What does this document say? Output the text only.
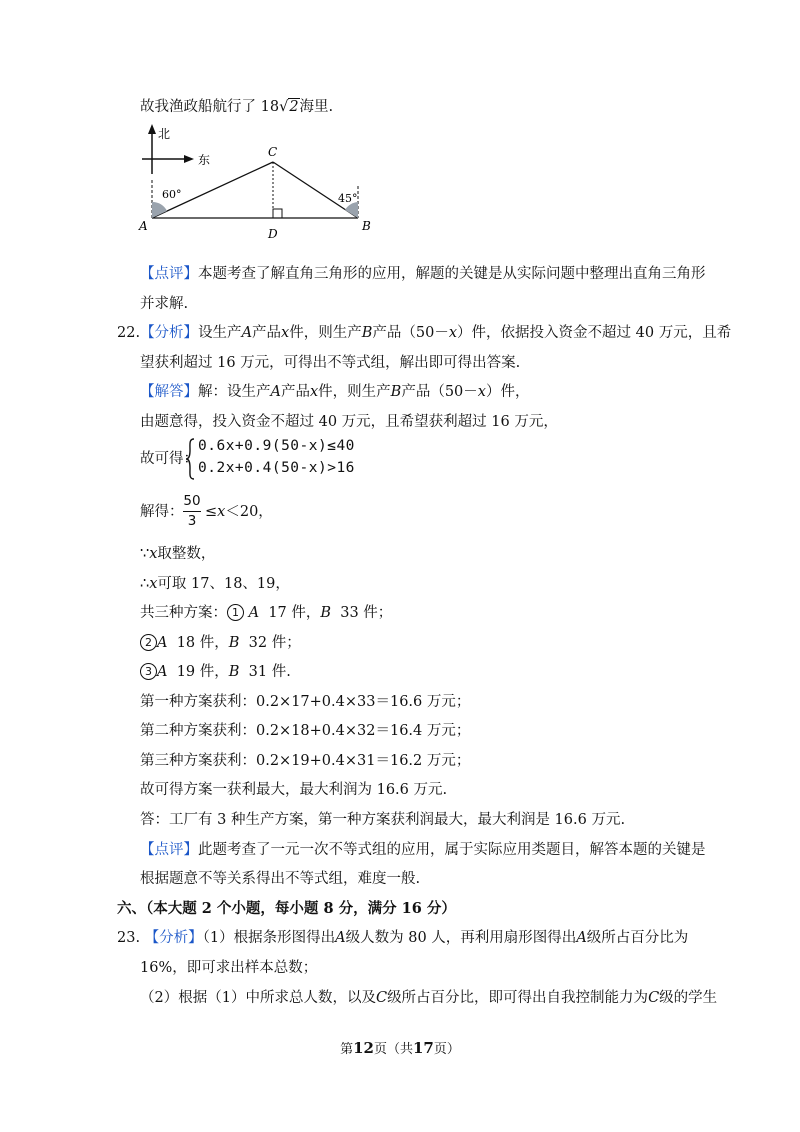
故我渔政船航行了 18√2海里.
北
东
60°	45°
A	B
C
D
【点评】本题考查了解直角三角形的应用，解题的关键是从实际问题中整理出直角三角形
并求解.
22.【分析】设生产A产品x件，则生产B产品（50－x）件，依据投入资金不超过 40 万元，且希
望获利超过 16 万元，可得出不等式组，解出即可得出答案.
【解答】解：设生产A产品x件，则生产B产品（50－x）件，
由题意得，投入资金不超过 40 万元，且希望获利超过 16 万元，
故可得：
0.6x+0.9(50-x)≤40
0.2x+0.4(50-x)>16
解得：
50
3
≤x＜20，
∵x取整数，
∴x可取 17、18、19，
共三种方案： 1 A 17 件，B 33 件；
2 A 18 件，B 32 件；
3 A 19 件，B 31 件.
第一种方案获利：0.2×17+0.4×33＝16.6 万元；
第二种方案获利：0.2×18+0.4×32＝16.4 万元；
第三种方案获利：0.2×19+0.4×31＝16.2 万元；
故可得方案一获利最大，最大利润为 16.6 万元.
答：工厂有 3 种生产方案，第一种方案获利润最大，最大利润是 16.6 万元.
【点评】此题考查了一元一次不等式组的应用，属于实际应用类题目，解答本题的关键是
根据题意不等关系得出不等式组，难度一般.
六、（本大题 2 个小题，每小题 8 分，满分 16 分）
23. 【分析】（1）根据条形图得出A级人数为 80 人，再利用扇形图得出A级所占百分比为
16%，即可求出样本总数；
（2）根据（1）中所求总人数，以及C级所占百分比，即可得出自我控制能力为C级的学生
第12页（共17页）
